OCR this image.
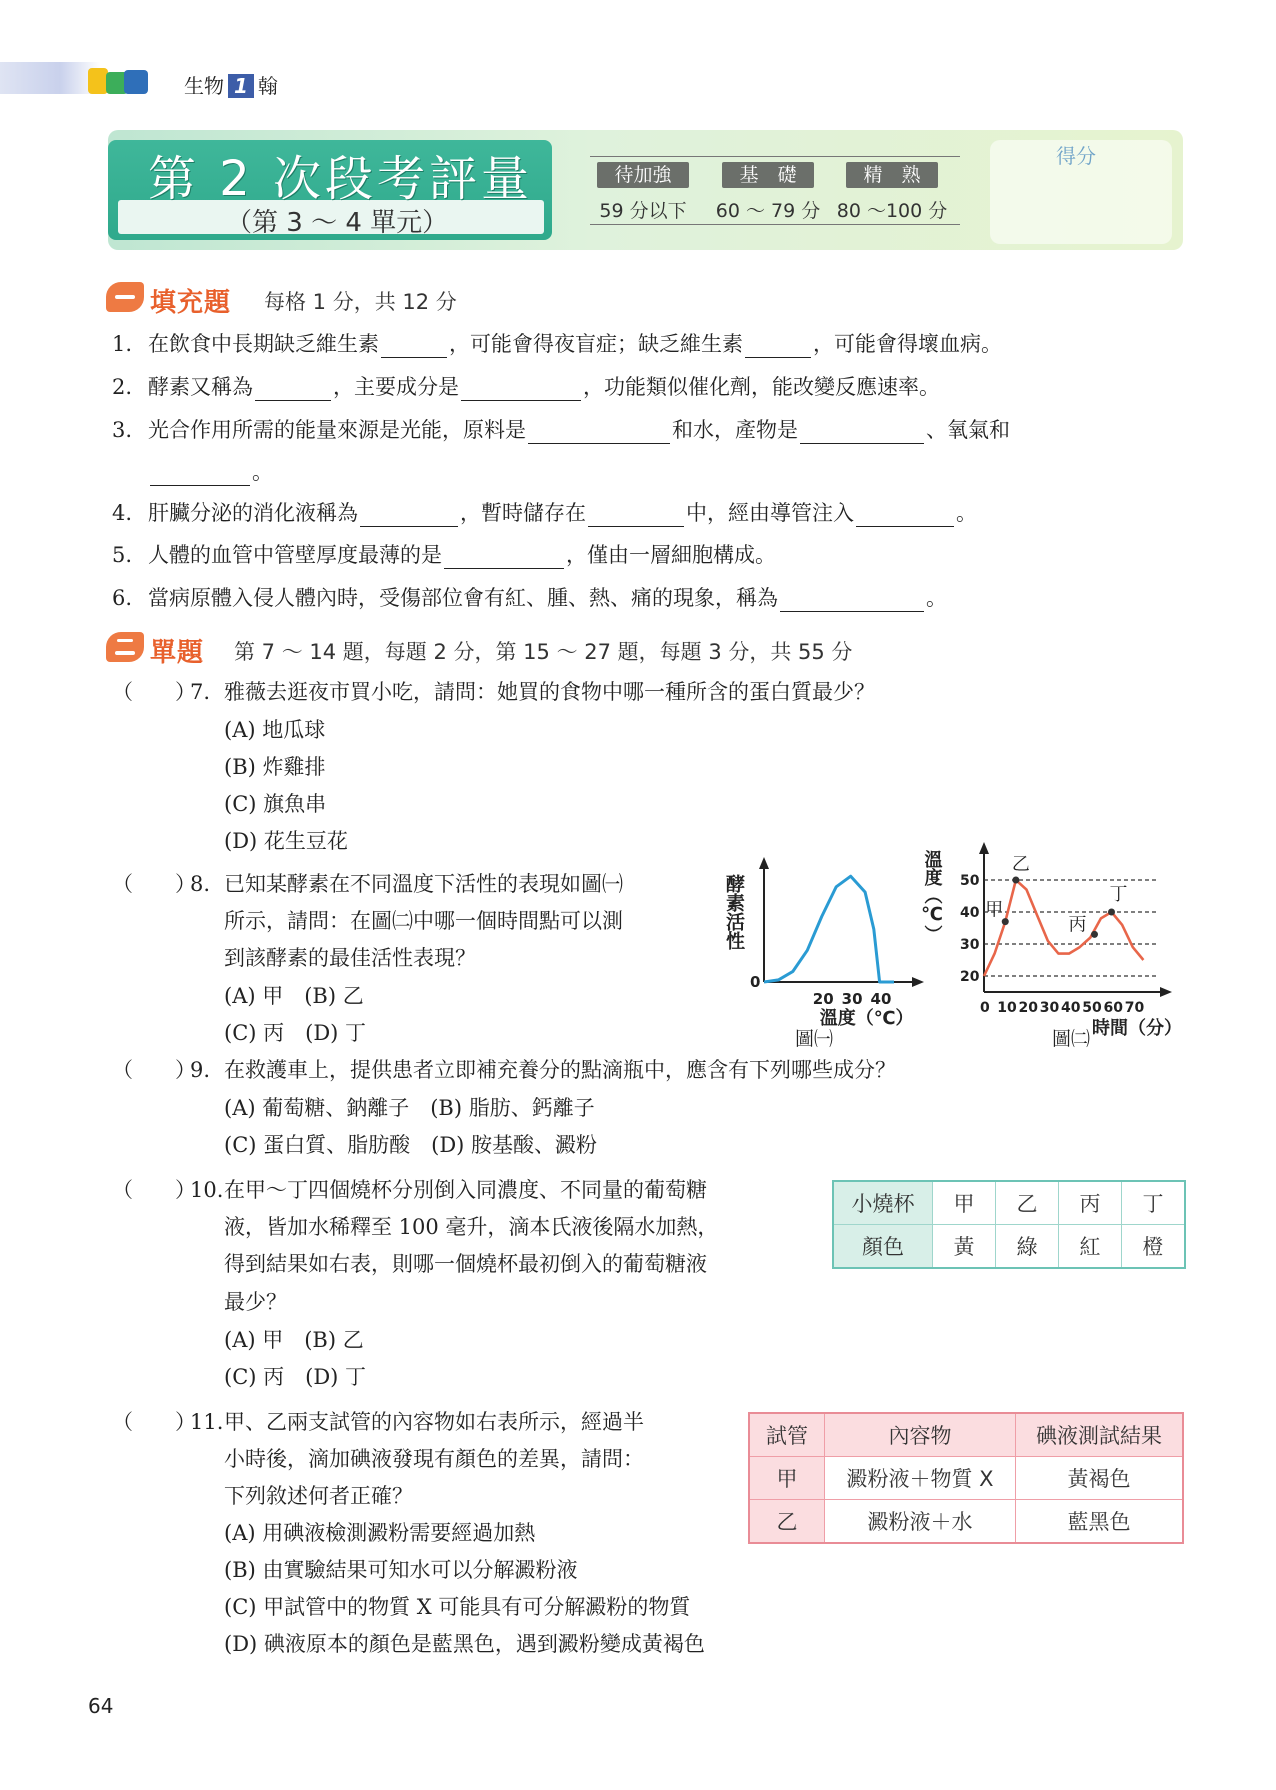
生物 1 翰
第 2 次段考評量
（第 3 ～ 4 單元）
待加強
59 分以下
基　礎
60 ～ 79 分
精　熟
80 ～100 分
得分
填充題 每格 1 分，共 12 分
1. 在飲食中長期缺乏維生素	，可能會得夜盲症；缺乏維生素	，可能會得壞血病。
2. 酵素又稱為	，主要成分是	，功能類似催化劑，能改變反應速率。
3. 光合作用所需的能量來源是光能，原料是	和水，產物是	、氧氣和
。
4. 肝臟分泌的消化液稱為	，暫時儲存在	中，經由導管注入	。
5. 人體的血管中管壁厚度最薄的是	，僅由一層細胞構成。
6. 當病原體入侵人體內時，受傷部位會有紅、腫、熱、痛的現象，稱為	。
單題 第 7 ～ 14 題，每題 2 分，第 15 ～ 27 題，每題 3 分，共 55 分
（　　）
7. 雅薇去逛夜市買小吃，請問：她買的食物中哪一種所含的蛋白質最少？
(A) 地瓜球
(B) 炸雞排
(C) 旗魚串
(D) 花生豆花
（　　）
8. 已知某酵素在不同溫度下活性的表現如圖㈠
所示，請問：在圖㈡中哪一個時間點可以測
到該酵素的最佳活性表現？
(A) 甲　(B) 乙
(C) 丙　(D) 丁
酵素活性
0
20 30 40
溫度（℃）
圖㈠
溫度（℃）
20
30
40
50
0 10 20 30 40 50 60 70
甲
乙
丙
丁
時間（分）
圖㈡
（　　）
9. 在救護車上，提供患者立即補充養分的點滴瓶中，應含有下列哪些成分？
(A) 葡萄糖、鈉離子　(B) 脂肪、鈣離子
(C) 蛋白質、脂肪酸　(D) 胺基酸、澱粉
（　　）
10.在甲～丁四個燒杯分別倒入同濃度、不同量的葡萄糖
液，皆加水稀釋至 100 毫升，滴本氏液後隔水加熱，
得到結果如右表，則哪一個燒杯最初倒入的葡萄糖液
最少？
(A) 甲　(B) 乙
(C) 丙　(D) 丁
小燒杯	甲	乙	丙	丁
顏色	黃	綠	紅	橙
（　　）
11.甲、乙兩支試管的內容物如右表所示，經過半
小時後，滴加碘液發現有顏色的差異，請問：
下列敘述何者正確？
(A) 用碘液檢測澱粉需要經過加熱
(B) 由實驗結果可知水可以分解澱粉液
(C) 甲試管中的物質 X 可能具有可分解澱粉的物質
(D) 碘液原本的顏色是藍黑色，遇到澱粉變成黃褐色
試管	內容物	碘液測試結果
甲	澱粉液＋物質 X	黃褐色
乙	澱粉液＋水	藍黑色
64
